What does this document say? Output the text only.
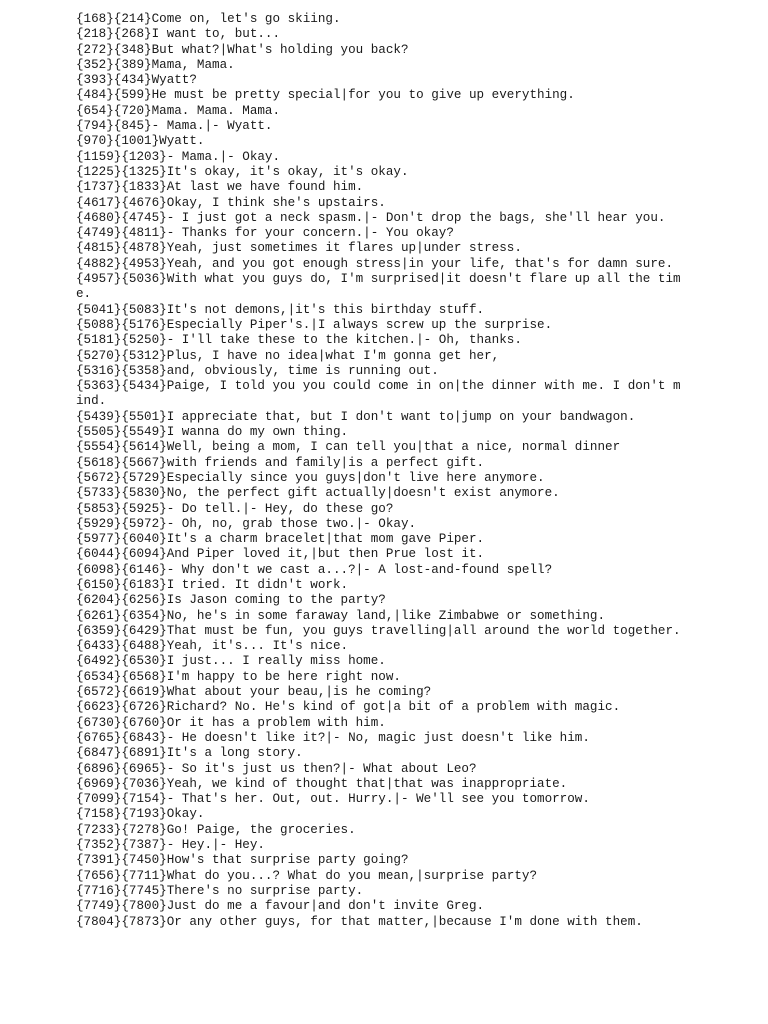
{168}{214}Come on, let's go skiing.
{218}{268}I want to, but...
{272}{348}But what?|What's holding you back?
{352}{389}Mama, Mama.
{393}{434}Wyatt?
{484}{599}He must be pretty special|for you to give up everything.
{654}{720}Mama. Mama. Mama.
{794}{845}- Mama.|- Wyatt.
{970}{1001}Wyatt.
{1159}{1203}- Mama.|- Okay.
{1225}{1325}It's okay, it's okay, it's okay.
{1737}{1833}At last we have found him.
{4617}{4676}Okay, I think she's upstairs.
{4680}{4745}- I just got a neck spasm.|- Don't drop the bags, she'll hear you.
{4749}{4811}- Thanks for your concern.|- You okay?
{4815}{4878}Yeah, just sometimes it flares up|under stress.
{4882}{4953}Yeah, and you got enough stress|in your life, that's for damn sure.
{4957}{5036}With what you guys do, I'm surprised|it doesn't flare up all the tim
e.
{5041}{5083}It's not demons,|it's this birthday stuff.
{5088}{5176}Especially Piper's.|I always screw up the surprise.
{5181}{5250}- I'll take these to the kitchen.|- Oh, thanks.
{5270}{5312}Plus, I have no idea|what I'm gonna get her,
{5316}{5358}and, obviously, time is running out.
{5363}{5434}Paige, I told you you could come in on|the dinner with me. I don't m
ind.
{5439}{5501}I appreciate that, but I don't want to|jump on your bandwagon.
{5505}{5549}I wanna do my own thing.
{5554}{5614}Well, being a mom, I can tell you|that a nice, normal dinner
{5618}{5667}with friends and family|is a perfect gift.
{5672}{5729}Especially since you guys|don't live here anymore.
{5733}{5830}No, the perfect gift actually|doesn't exist anymore.
{5853}{5925}- Do tell.|- Hey, do these go?
{5929}{5972}- Oh, no, grab those two.|- Okay.
{5977}{6040}It's a charm bracelet|that mom gave Piper.
{6044}{6094}And Piper loved it,|but then Prue lost it.
{6098}{6146}- Why don't we cast a...?|- A lost-and-found spell?
{6150}{6183}I tried. It didn't work.
{6204}{6256}Is Jason coming to the party?
{6261}{6354}No, he's in some faraway land,|like Zimbabwe or something.
{6359}{6429}That must be fun, you guys travelling|all around the world together.
{6433}{6488}Yeah, it's... It's nice.
{6492}{6530}I just... I really miss home.
{6534}{6568}I'm happy to be here right now.
{6572}{6619}What about your beau,|is he coming?
{6623}{6726}Richard? No. He's kind of got|a bit of a problem with magic.
{6730}{6760}Or it has a problem with him.
{6765}{6843}- He doesn't like it?|- No, magic just doesn't like him.
{6847}{6891}It's a long story.
{6896}{6965}- So it's just us then?|- What about Leo?
{6969}{7036}Yeah, we kind of thought that|that was inappropriate.
{7099}{7154}- That's her. Out, out. Hurry.|- We'll see you tomorrow.
{7158}{7193}Okay.
{7233}{7278}Go! Paige, the groceries.
{7352}{7387}- Hey.|- Hey.
{7391}{7450}How's that surprise party going?
{7656}{7711}What do you...? What do you mean,|surprise party?
{7716}{7745}There's no surprise party.
{7749}{7800}Just do me a favour|and don't invite Greg.
{7804}{7873}Or any other guys, for that matter,|because I'm done with them.
